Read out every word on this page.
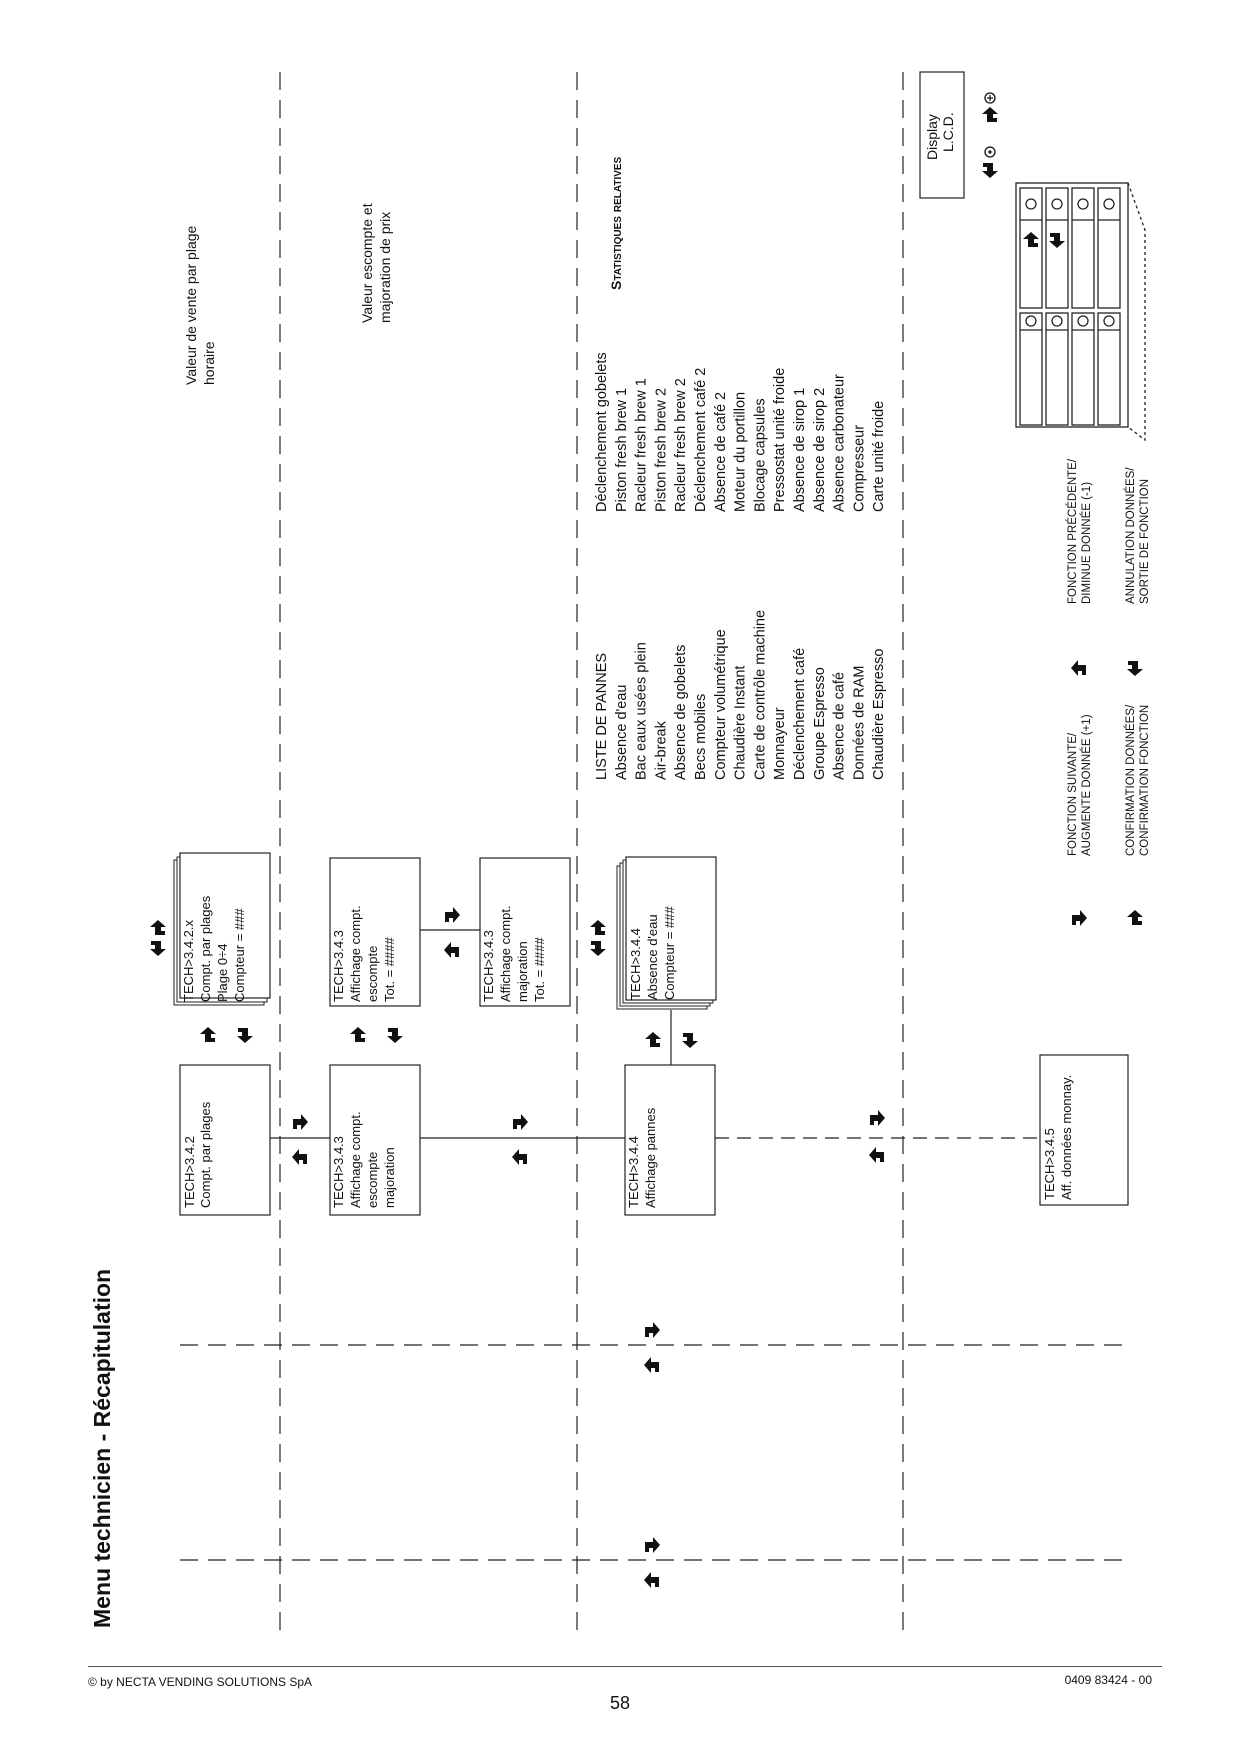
Menu technicien - Récapitulation
TECH>3.4.2 Compt. par plages
TECH>3.4.2.x Compt. par plages Plage 0÷4 Compteur = ###
TECH>3.4.3 Affichage compt. escompte majoration
TECH>3.4.3 Affichage compt. escompte Tot. = ####	TECH>3.4.3 Affichage compt. majoration Tot. = ####
TECH>3.4.4 Affichage pannes
TECH>3.4.4 Absence d'eau Compteur = ###
TECH>3.4.5 Aff. données monnay.
Valeur de vente par plage horaire
Valeur escompte et majoration de prix	Statistiques relatives
LISTE DE PANNES Absence d'eau Bac eaux usées plein Air-break Absence de gobelets Becs mobiles Compteur volumétrique Chaudière Instant Carte de contrôle machine Monnayeur Déclenchement café Groupe Espresso Absence de café Données de RAM Chaudière Espresso
Déclenchement gobelets Piston fresh brew 1 Racleur fresh brew 1 Piston fresh brew 2 Racleur fresh brew 2 Déclenchement café 2 Absence de café 2 Moteur du portillon Blocage capsules Pressostat unité froide Absence de sirop 1 Absence de sirop 2 Absence carbonateur Compresseur Carte unité froide
FONCTION SUIVANTE/ AUGMENTE DONNÉE (+1)
FONCTION PRÉCÉDENTE/ DIMINUE DONNÉE (-1)
CONFIRMATION DONNÉES/ CONFIRMATION FONCTION
ANNULATION DONNÉES/ SORTIE DE FONCTION
Display L.C.D.
© by NECTA VENDING SOLUTIONS SpA	0409 83424 - 00
58
